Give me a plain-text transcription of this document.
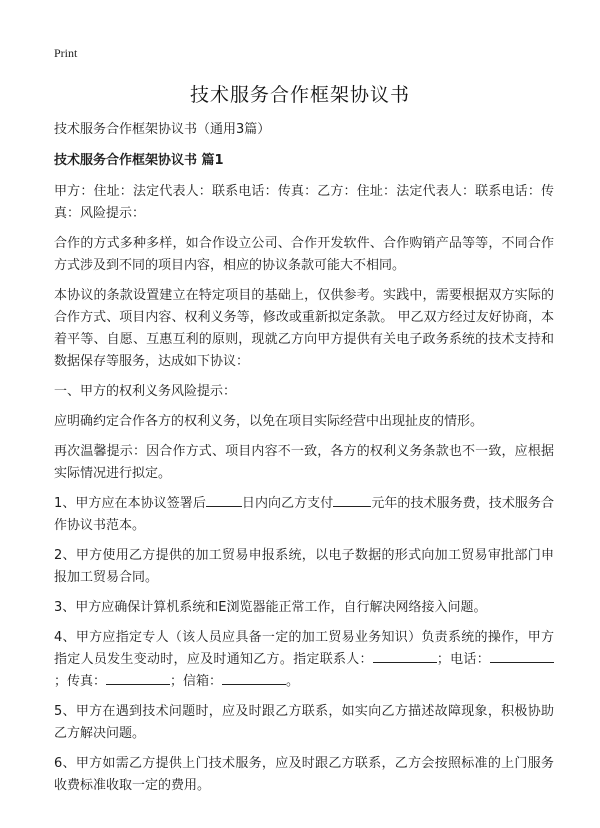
Print
技术服务合作框架协议书

技术服务合作框架协议书（通用3篇）

技术服务合作框架协议书 篇1

甲方：住址：法定代表人：联系电话：传真：乙方：住址：法定代表人：联系电话：传真：风险提示：

合作的方式多种多样，如合作设立公司、合作开发软件、合作购销产品等等，不同合作方式涉及到不同的项目内容，相应的协议条款可能大不相同。

本协议的条款设置建立在特定项目的基础上，仅供参考。实践中，需要根据双方实际的合作方式、项目内容、权利义务等，修改或重新拟定条款。 甲乙双方经过友好协商，本着平等、自愿、互惠互利的原则，现就乙方向甲方提供有关电子政务系统的技术支持和数据保存等服务，达成如下协议：

一、甲方的权利义务风险提示：

应明确约定合作各方的权利义务，以免在项目实际经营中出现扯皮的情形。

再次温馨提示：因合作方式、项目内容不一致，各方的权利义务条款也不一致，应根据实际情况进行拟定。

1、甲方应在本协议签署后	日内向乙方支付	元年的技术服务费，技术服务合作协议书范本。

2、甲方使用乙方提供的加工贸易申报系统，以电子数据的形式向加工贸易审批部门申报加工贸易合同。

3、甲方应确保计算机系统和E浏览器能正常工作，自行解决网络接入问题。

4、甲方应指定专人（该人员应具备一定的加工贸易业务知识）负责系统的操作，甲方指定人员发生变动时，应及时通知乙方。指定联系人：	；电话：；传真：	；信箱：	。

5、甲方在遇到技术问题时，应及时跟乙方联系，如实向乙方描述故障现象，积极协助乙方解决问题。

6、甲方如需乙方提供上门技术服务，应及时跟乙方联系，乙方会按照标准的上门服务收费标准收取一定的费用。
